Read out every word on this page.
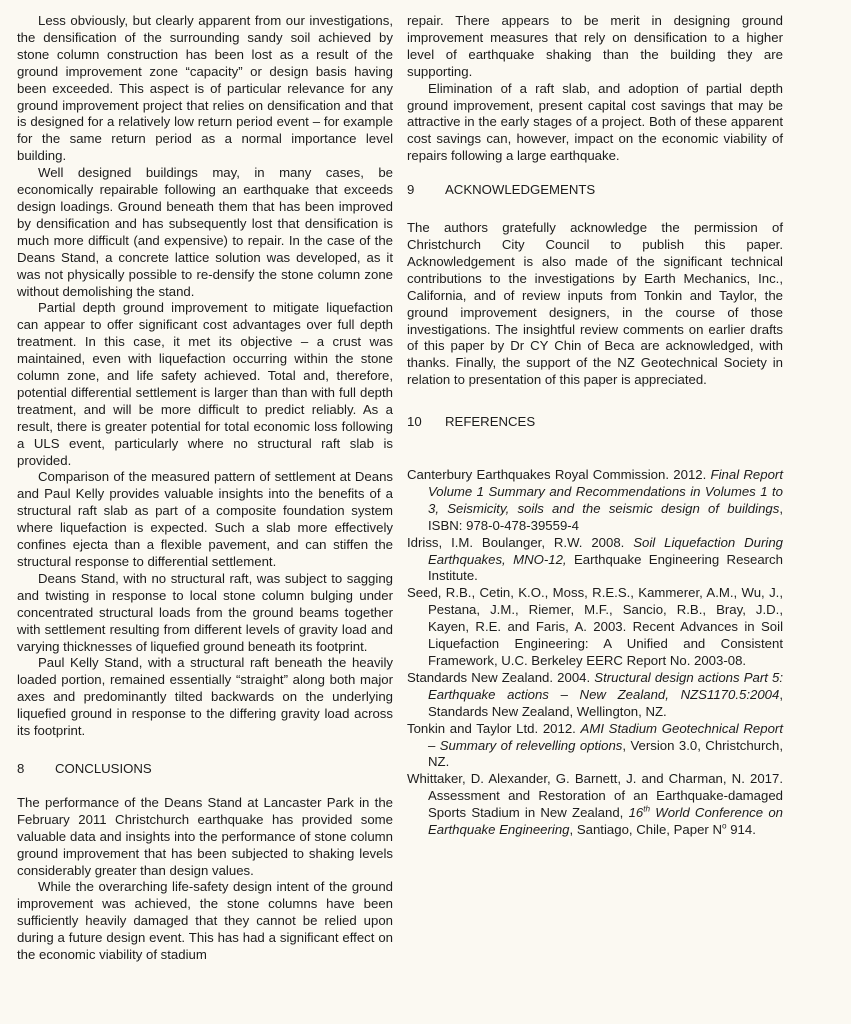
Less obviously, but clearly apparent from our investigations, the densification of the surrounding sandy soil achieved by stone column construction has been lost as a result of the ground improvement zone “capacity” or design basis having been exceeded. This aspect is of particular relevance for any ground improvement project that relies on densification and that is designed for a relatively low return period event – for example for the same return period as a normal importance level building.

Well designed buildings may, in many cases, be economically repairable following an earthquake that exceeds design loadings. Ground beneath them that has been improved by densification and has subsequently lost that densification is much more difficult (and expensive) to repair. In the case of the Deans Stand, a concrete lattice solution was developed, as it was not physically possible to re-densify the stone column zone without demolishing the stand.

Partial depth ground improvement to mitigate liquefaction can appear to offer significant cost advantages over full depth treatment. In this case, it met its objective – a crust was maintained, even with liquefaction occurring within the stone column zone, and life safety achieved. Total and, therefore, potential differential settlement is larger than than with full depth treatment, and will be more difficult to predict reliably. As a result, there is greater potential for total economic loss following a ULS event, particularly where no structural raft slab is provided.

Comparison of the measured pattern of settlement at Deans and Paul Kelly provides valuable insights into the benefits of a structural raft slab as part of a composite foundation system where liquefaction is expected. Such a slab more effectively confines ejecta than a flexible pavement, and can stiffen the structural response to differential settlement.

Deans Stand, with no structural raft, was subject to sagging and twisting in response to local stone column bulging under concentrated structural loads from the ground beams together with settlement resulting from different levels of gravity load and varying thicknesses of liquefied ground beneath its footprint.

Paul Kelly Stand, with a structural raft beneath the heavily loaded portion, remained essentially “straight” along both major axes and predominantly tilted backwards on the underlying liquefied ground in response to the differing gravity load across its footprint.

8 CONCLUSIONS

The performance of the Deans Stand at Lancaster Park in the February 2011 Christchurch earthquake has provided some valuable data and insights into the performance of stone column ground improvement that has been subjected to shaking levels considerably greater than design values.

While the overarching life-safety design intent of the ground improvement was achieved, the stone columns have been sufficiently heavily damaged that they cannot be relied upon during a future design event. This has had a significant effect on the economic viability of stadium

repair. There appears to be merit in designing ground improvement measures that rely on densification to a higher level of earthquake shaking than the building they are supporting.

Elimination of a raft slab, and adoption of partial depth ground improvement, present capital cost savings that may be attractive in the early stages of a project. Both of these apparent cost savings can, however, impact on the economic viability of repairs following a large earthquake.

9 ACKNOWLEDGEMENTS

The authors gratefully acknowledge the permission of Christchurch City Council to publish this paper. Acknowledgement is also made of the significant technical contributions to the investigations by Earth Mechanics, Inc., California, and of review inputs from Tonkin and Taylor, the ground improvement designers, in the course of those investigations. The insightful review comments on earlier drafts of this paper by Dr CY Chin of Beca are acknowledged, with thanks. Finally, the support of the NZ Geotechnical Society in relation to presentation of this paper is appreciated.

10 REFERENCES

Canterbury Earthquakes Royal Commission. 2012. Final Report Volume 1 Summary and Recommendations in Volumes 1 to 3, Seismicity, soils and the seismic design of buildings, ISBN: 978-0-478-39559-4

Idriss, I.M. Boulanger, R.W. 2008. Soil Liquefaction During Earthquakes, MNO-12, Earthquake Engineering Research Institute.

Seed, R.B., Cetin, K.O., Moss, R.E.S., Kammerer, A.M., Wu, J., Pestana, J.M., Riemer, M.F., Sancio, R.B., Bray, J.D., Kayen, R.E. and Faris, A. 2003. Recent Advances in Soil Liquefaction Engineering: A Unified and Consistent Framework, U.C. Berkeley EERC Report No. 2003-08.

Standards New Zealand. 2004. Structural design actions Part 5: Earthquake actions – New Zealand, NZS1170.5:2004, Standards New Zealand, Wellington, NZ.

Tonkin and Taylor Ltd. 2012. AMI Stadium Geotechnical Report – Summary of relevelling options, Version 3.0, Christchurch, NZ.

Whittaker, D. Alexander, G. Barnett, J. and Charman, N. 2017. Assessment and Restoration of an Earthquake-damaged Sports Stadium in New Zealand, 16th World Conference on Earthquake Engineering, Santiago, Chile, Paper $N^o$ 914.
